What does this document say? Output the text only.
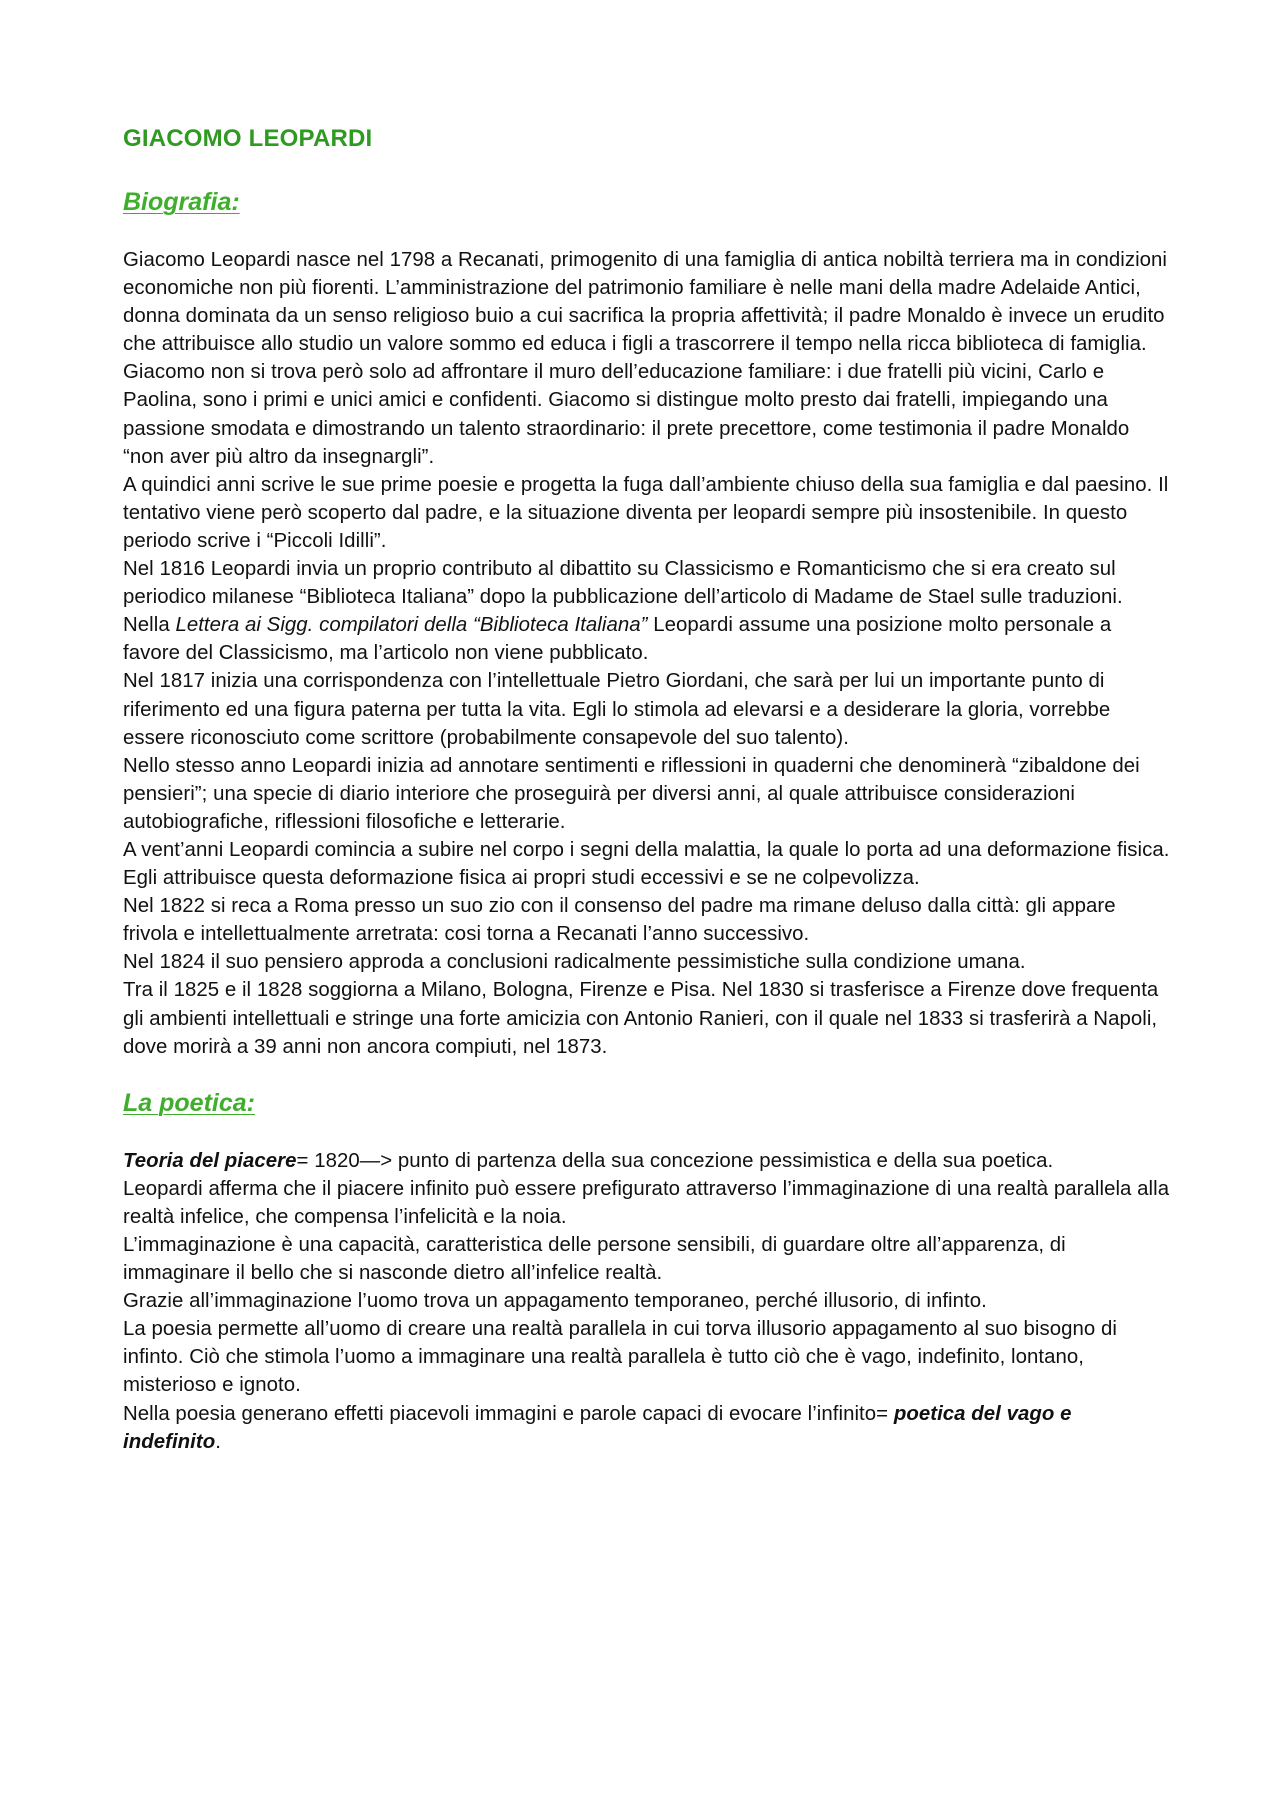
GIACOMO LEOPARDI
Biografia:

Giacomo Leopardi nasce nel 1798 a Recanati, primogenito di una famiglia di antica nobiltà terriera ma in condizioni economiche non più fiorenti. L’amministrazione del patrimonio familiare è nelle mani della madre Adelaide Antici, donna dominata da un senso religioso buio a cui sacrifica la propria affettività; il padre Monaldo è invece un erudito che attribuisce allo studio un valore sommo ed educa i figli a trascorrere il tempo nella ricca biblioteca di famiglia.

Giacomo non si trova però solo ad affrontare il muro dell’educazione familiare: i due fratelli più vicini, Carlo e Paolina, sono i primi e unici amici e confidenti. Giacomo si distingue molto presto dai fratelli, impiegando una passione smodata e dimostrando un talento straordinario: il prete precettore, come testimonia il padre Monaldo “non aver più altro da insegnargli”.

A quindici anni scrive le sue prime poesie e progetta la fuga dall’ambiente chiuso della sua famiglia e dal paesino. Il tentativo viene però scoperto dal padre, e la situazione diventa per leopardi sempre più insostenibile. In questo periodo scrive i “Piccoli Idilli”.

Nel 1816 Leopardi invia un proprio contributo al dibattito su Classicismo e Romanticismo che si era creato sul periodico milanese “Biblioteca Italiana” dopo la pubblicazione dell’articolo di Madame de Stael sulle traduzioni. Nella Lettera ai Sigg. compilatori della “Biblioteca Italiana” Leopardi assume una posizione molto personale a favore del Classicismo, ma l’articolo non viene pubblicato.

Nel 1817 inizia una corrispondenza con l’intellettuale Pietro Giordani, che sarà per lui un importante punto di riferimento ed una figura paterna per tutta la vita. Egli lo stimola ad elevarsi e a desiderare la gloria, vorrebbe essere riconosciuto come scrittore (probabilmente consapevole del suo talento).

Nello stesso anno Leopardi inizia ad annotare sentimenti e riflessioni in quaderni che denominerà “zibaldone dei pensieri”; una specie di diario interiore che proseguirà per diversi anni, al quale attribuisce considerazioni autobiografiche, riflessioni filosofiche e letterarie.

A vent’anni Leopardi comincia a subire nel corpo i segni della malattia, la quale lo porta ad una deformazione fisica. Egli attribuisce questa deformazione fisica ai propri studi eccessivi e se ne colpevolizza.

Nel 1822 si reca a Roma presso un suo zio con il consenso del padre ma rimane deluso dalla città: gli appare frivola e intellettualmente arretrata: cosi torna a Recanati l’anno successivo.

Nel 1824 il suo pensiero approda a conclusioni radicalmente pessimistiche sulla condizione umana.

Tra il 1825 e il 1828 soggiorna a Milano, Bologna, Firenze e Pisa. Nel 1830 si trasferisce a Firenze dove frequenta gli ambienti intellettuali e stringe una forte amicizia con Antonio Ranieri, con il quale nel 1833 si trasferirà a Napoli, dove morirà a 39 anni non ancora compiuti, nel 1873.

La poetica:

Teoria del piacere= 1820—> punto di partenza della sua concezione pessimistica e della sua poetica.

Leopardi afferma che il piacere infinito può essere prefigurato attraverso l’immaginazione di una realtà parallela alla realtà infelice, che compensa l’infelicità e la noia.

L’immaginazione è una capacità, caratteristica delle persone sensibili, di guardare oltre all’apparenza, di immaginare il bello che si nasconde dietro all’infelice realtà.

Grazie all’immaginazione l’uomo trova un appagamento temporaneo, perché illusorio, di infinto.

La poesia permette all’uomo di creare una realtà parallela in cui torva illusorio appagamento al suo bisogno di infinto. Ciò che stimola l’uomo a immaginare una realtà parallela è tutto ciò che è vago, indefinito, lontano, misterioso e ignoto.

Nella poesia generano effetti piacevoli immagini e parole capaci di evocare l’infinito= poetica del vago e indefinito.
